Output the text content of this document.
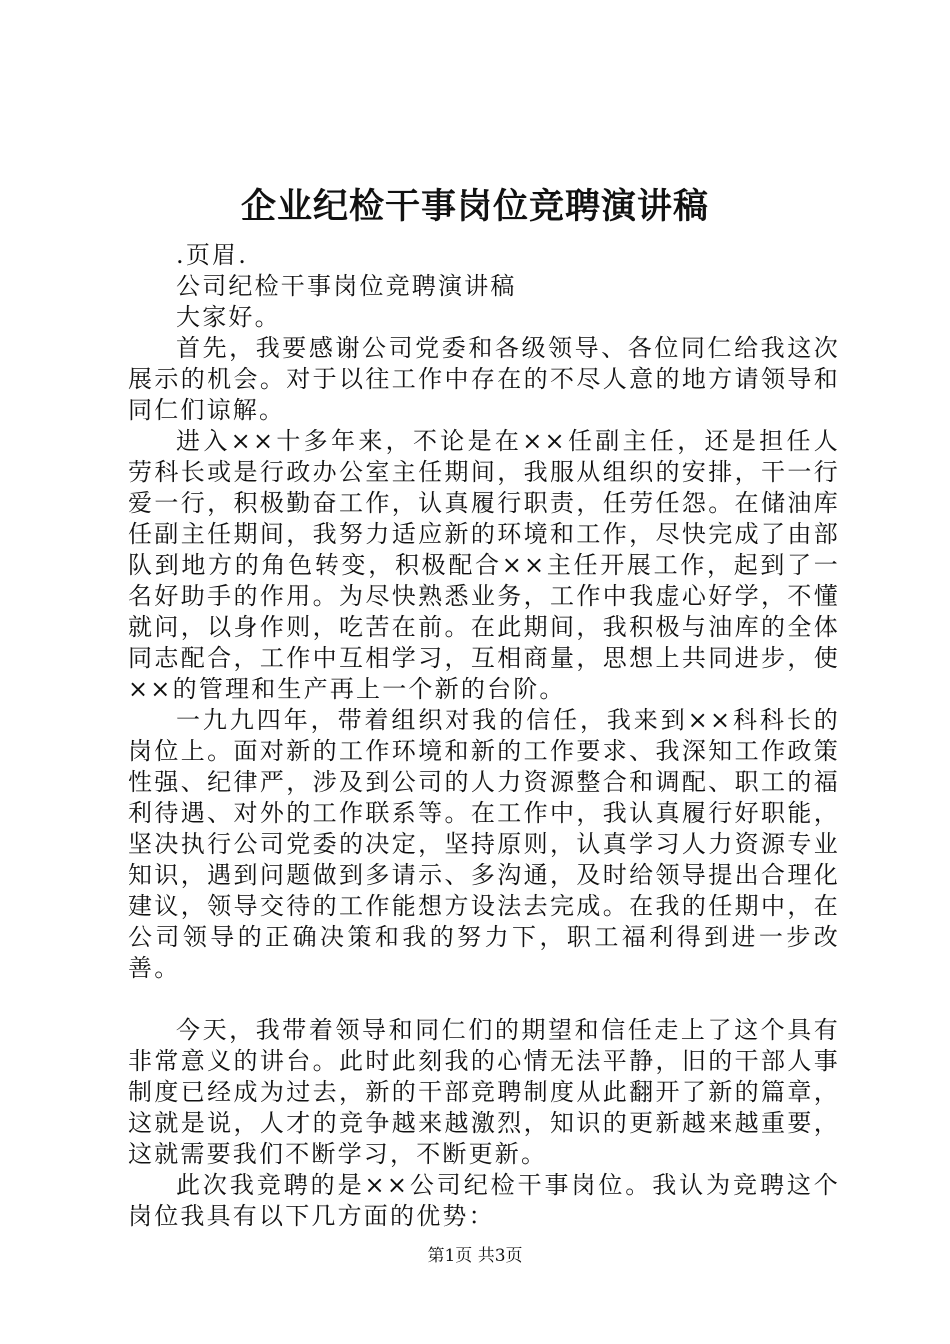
企业纪检干事岗位竞聘演讲稿

.页眉.

公司纪检干事岗位竞聘演讲稿

大家好。

首先，我要感谢公司党委和各级领导、各位同仁给我这次展示的机会。对于以往工作中存在的不尽人意的地方请领导和同仁们谅解。

进入××十多年来，不论是在××任副主任，还是担任人劳科长或是行政办公室主任期间，我服从组织的安排，干一行爱一行，积极勤奋工作，认真履行职责，任劳任怨。在储油库任副主任期间，我努力适应新的环境和工作，尽快完成了由部队到地方的角色转变，积极配合××主任开展工作，起到了一名好助手的作用。为尽快熟悉业务，工作中我虚心好学，不懂就问，以身作则，吃苦在前。在此期间，我积极与油库的全体同志配合，工作中互相学习，互相商量，思想上共同进步，使××的管理和生产再上一个新的台阶。

一九九四年，带着组织对我的信任，我来到××科科长的岗位上。面对新的工作环境和新的工作要求、我深知工作政策性强、纪律严，涉及到公司的人力资源整合和调配、职工的福利待遇、对外的工作联系等。在工作中，我认真履行好职能，坚决执行公司党委的决定，坚持原则，认真学习人力资源专业知识，遇到问题做到多请示、多沟通，及时给领导提出合理化建议，领导交待的工作能想方设法去完成。在我的任期中，在公司领导的正确决策和我的努力下，职工福利得到进一步改善。

今天，我带着领导和同仁们的期望和信任走上了这个具有非常意义的讲台。此时此刻我的心情无法平静，旧的干部人事制度已经成为过去，新的干部竞聘制度从此翻开了新的篇章，这就是说，人才的竞争越来越激烈，知识的更新越来越重要，这就需要我们不断学习，不断更新。

此次我竞聘的是××公司纪检干事岗位。我认为竞聘这个岗位我具有以下几方面的优势：

第1页 共3页
